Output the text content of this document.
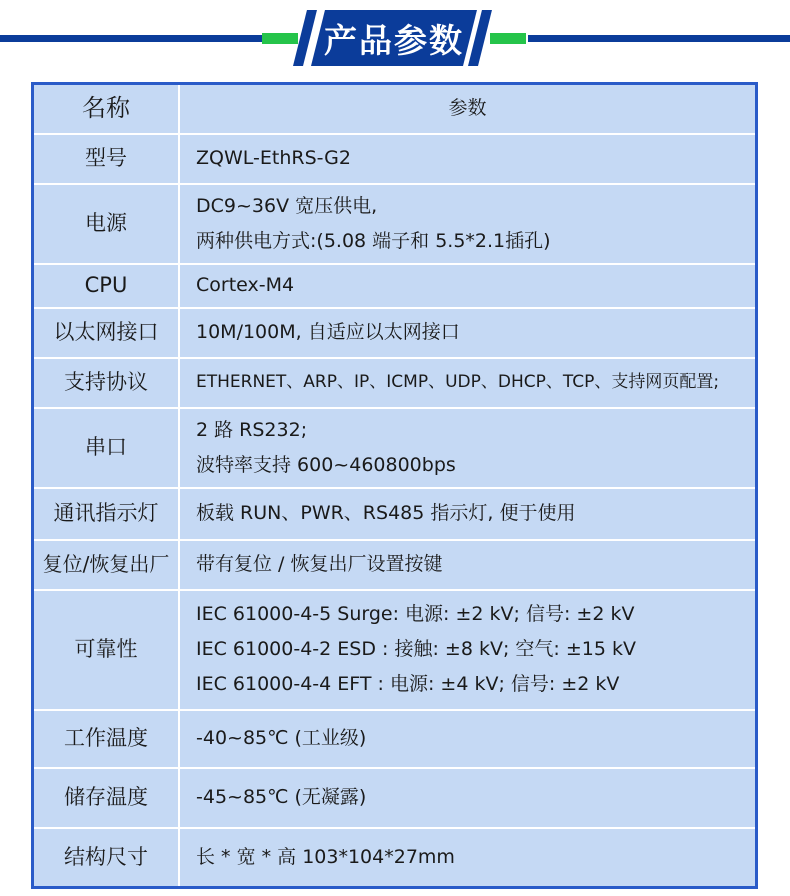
产品参数
名称	参数
型号	ZQWL-EthRS-G2

电源	DC9~36V 宽压供电,
两种供电方式:(5.08 端子和 5.5*2.1插孔)

CPU	Cortex-M4

以太网接口	10M/100M, 自适应以太网接口

支持协议	ETHERNET、ARP、IP、ICMP、UDP、DHCP、TCP、支持网页配置;

串口	2 路 RS232;
波特率支持 600~460800bps

通讯指示灯	板载 RUN、PWR、RS485 指示灯, 便于使用

复位/恢复出厂	带有复位 / 恢复出厂设置按键

可靠性	IEC 61000-4-5 Surge: 电源: ±2 kV; 信号: ±2 kV
IEC 61000-4-2 ESD : 接触: ±8 kV; 空气: ±15 kV
IEC 61000-4-4 EFT : 电源: ±4 kV; 信号: ±2 kV

工作温度	-40~85℃ (工业级)

储存温度	-45~85℃ (无凝露)

结构尺寸	长 * 宽 * 高 103*104*27mm
